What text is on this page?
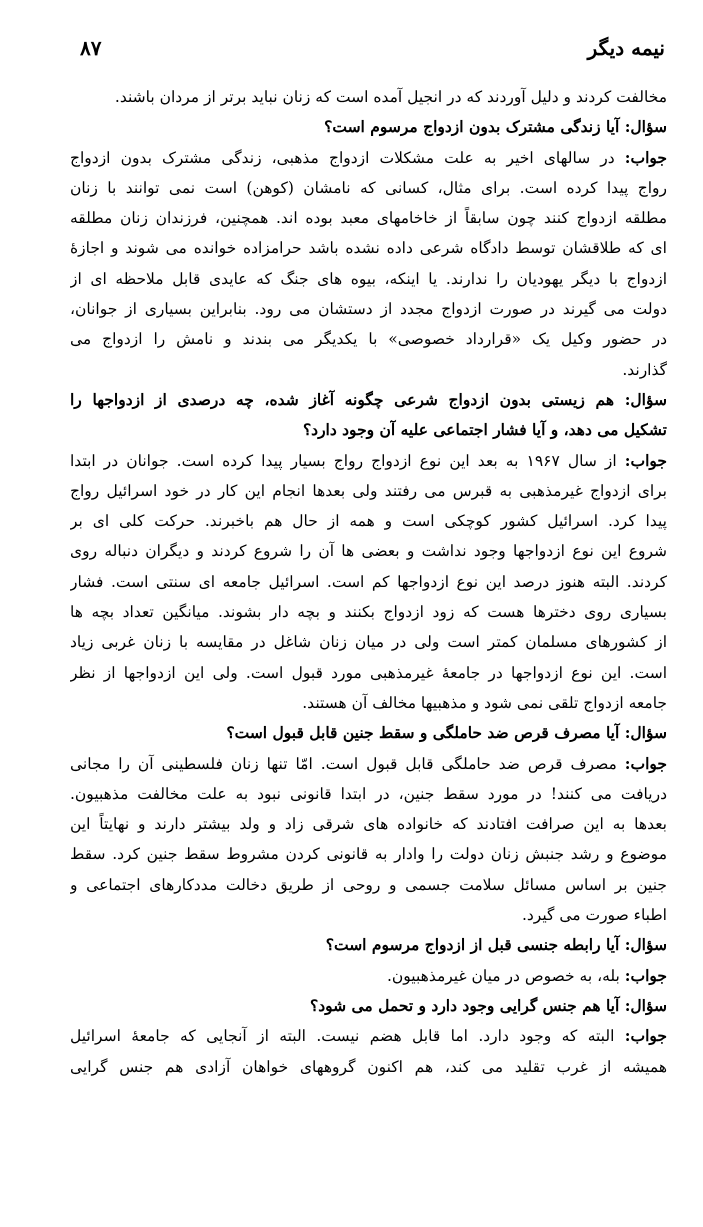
نیمه دیگر
۸۷
مخالفت کردند و دلیل آوردند که در انجیل آمده است که زنان نباید برتر از مردان باشند.
سؤال: آیا زندگی مشترک بدون ازدواج مرسوم است؟
جواب: در سالهای اخیر به علت مشکلات ازدواج مذهبی، زندگی مشترک بدون ازدواج
رواج پیدا کرده است. برای مثال، کسانی که نامشان (کوهن) است نمی توانند با زنان
مطلقه ازدواج کنند چون سابقاً از خاخامهای معبد بوده اند. همچنین، فرزندان زنان مطلقه
ای که طلاقشان توسط دادگاه شرعی داده نشده باشد حرامزاده خوانده می شوند و اجازهٔ
ازدواج با دیگر یهودیان را ندارند. یا اینکه، بیوه های جنگ که عایدی قابل ملاحظه ای از
دولت می گیرند در صورت ازدواج مجدد از دستشان می رود. بنابراین بسیاری از جوانان،
در حضور وکیل یک «قرارداد خصوصی» با یکدیگر می بندند و نامش را ازدواج می
گذارند.
سؤال: هم زیستی بدون ازدواج شرعی چگونه آغاز شده، چه درصدی از ازدواجها را
تشکیل می دهد، و آیا فشار اجتماعی علیه آن وجود دارد؟
جواب: از سال ۱۹۶۷ به بعد این نوع ازدواج رواج بسیار پیدا کرده است. جوانان در ابتدا
برای ازدواج غیرمذهبی به قبرس می رفتند ولی بعدها انجام این کار در خود اسرائیل رواج
پیدا کرد. اسرائیل کشور کوچکی است و همه از حال هم باخبرند. حرکت کلی ای بر
شروع این نوع ازدواجها وجود نداشت و بعضی ها آن را شروع کردند و دیگران دنباله روی
کردند. البته هنوز درصد این نوع ازدواجها کم است. اسرائیل جامعه ای سنتی است. فشار
بسیاری روی دخترها هست که زود ازدواج بکنند و بچه دار بشوند. میانگین تعداد بچه ها
از کشورهای مسلمان کمتر است ولی در میان زنان شاغل در مقایسه با زنان غربی زیاد
است. این نوع ازدواجها در جامعهٔ غیرمذهبی مورد قبول است. ولی این ازدواجها از نظر
جامعه ازدواج تلقی نمی شود و مذهبیها مخالف آن هستند.
سؤال: آیا مصرف قرص ضد حاملگی و سقط جنین قابل قبول است؟
جواب: مصرف قرص ضد حاملگی قابل قبول است. امّا تنها زنان فلسطینی آن را مجانی
دریافت می کنند! در مورد سقط جنین، در ابتدا قانونی نبود به علت مخالفت مذهبیون.
بعدها به این صرافت افتادند که خانواده های شرقی زاد و ولد بیشتر دارند و نهایتاً این
موضوع و رشد جنبش زنان دولت را وادار به قانونی کردن مشروط سقط جنین کرد. سقط
جنین بر اساس مسائل سلامت جسمی و روحی از طریق دخالت مددکارهای اجتماعی و
اطباء صورت می گیرد.
سؤال: آیا رابطه جنسی قبل از ازدواج مرسوم است؟
جواب: بله، به خصوص در میان غیرمذهبیون.
سؤال: آیا هم جنس گرایی وجود دارد و تحمل می شود؟
جواب: البته که وجود دارد. اما قابل هضم نیست. البته از آنجایی که جامعهٔ اسرائیل
همیشه از غرب تقلید می کند، هم اکنون گروههای خواهان آزادی هم جنس گرایی
